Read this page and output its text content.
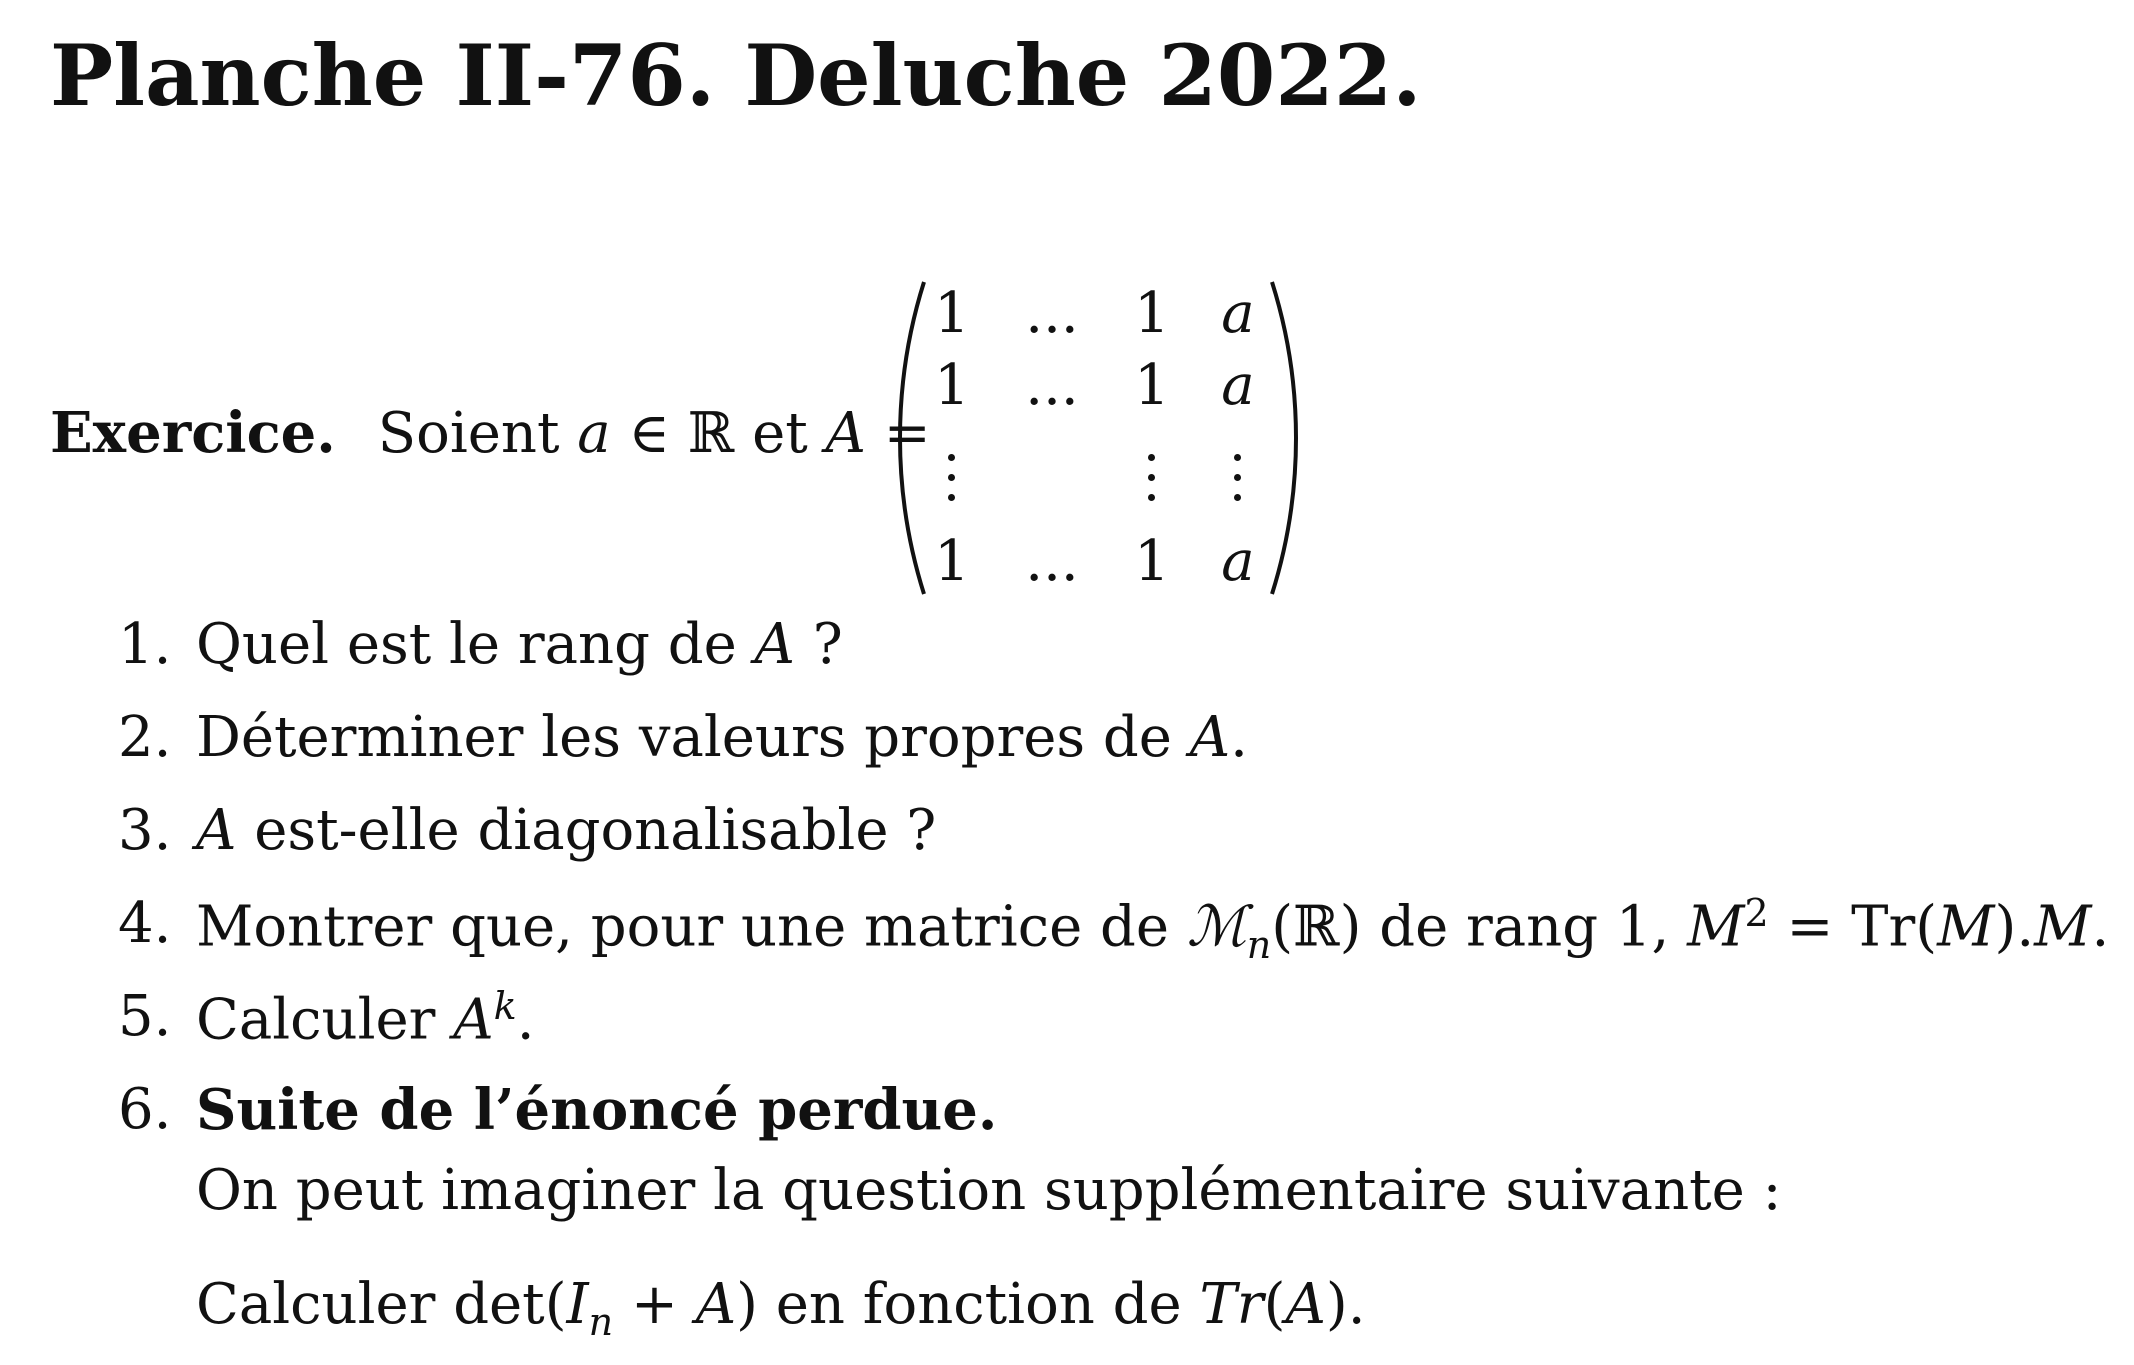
Planche II-76. Deluche 2022.
Exercice. Soient a ∈ ℝ et A =
1 ... 1 a
1 ... 1 a
1 ... 1 a
1. Quel est le rang de A ?
2. Déterminer les valeurs propres de A.
3. A est-elle diagonalisable ?
4. Montrer que, pour une matrice de ℳ$_n$(ℝ) de rang 1, $M^2 = Tr(M).M$.
5. Calculer $A^k$.
6. Suite de l’énoncé perdue.
On peut imaginer la question supplémentaire suivante :
Calculer $\det(I_n + A)$ en fonction de Tr(A).
